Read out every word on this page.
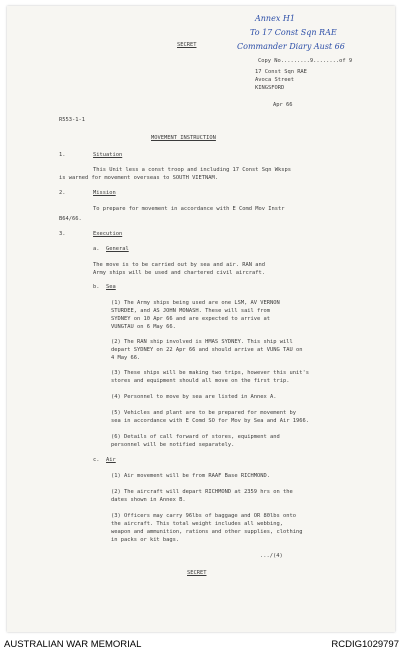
Annex H1
To 17 Const Sqn RAE
Commander Diary Aust 66
SECRET
Copy No.........9........of 9
17 Const Sqn RAE
Avoca Street
KINGSFORD
Apr 66
R553-1-1
MOVEMENT INSTRUCTION
1.	Situation
This Unit less a const troop and including 17 Const Sqn Wksps
is warned for movement overseas to SOUTH VIETNAM.
2.	Mission
To prepare for movement in accordance with E Comd Mov Instr
B64/66.
3.	Execution
a. General
The move is to be carried out by sea and air. RAN and
Army ships will be used and chartered civil aircraft.
b. Sea
(1) The Army ships being used are one LSM, AV VERNON
STURDEE, and AS JOHN MONASH. These will sail from
SYDNEY on 10 Apr 66 and are expected to arrive at
VUNGTAU on 6 May 66.
(2) The RAN ship involved is HMAS SYDNEY. This ship will
depart SYDNEY on 22 Apr 66 and should arrive at VUNG TAU on
4 May 66.
(3) These ships will be making two trips, however this unit's
stores and equipment should all move on the first trip.
(4) Personnel to move by sea are listed in Annex A.
(5) Vehicles and plant are to be prepared for movement by
sea in accordance with E Comd SO for Mov by Sea and Air 1966.
(6) Details of call forward of stores, equipment and
personnel will be notified separately.
c. Air
(1) Air movement will be from RAAF Base RICHMOND.
(2) The aircraft will depart RICHMOND at 2359 hrs on the
dates shown in Annex B.
(3) Officers may carry 96lbs of baggage and OR 80lbs onto
the aircraft. This total weight includes all webbing,
weapon and ammunition, rations and other supplies, clothing
in packs or kit bags.
.../(4)
SECRET
AUSTRALIAN WAR MEMORIAL	RCDIG1029797
